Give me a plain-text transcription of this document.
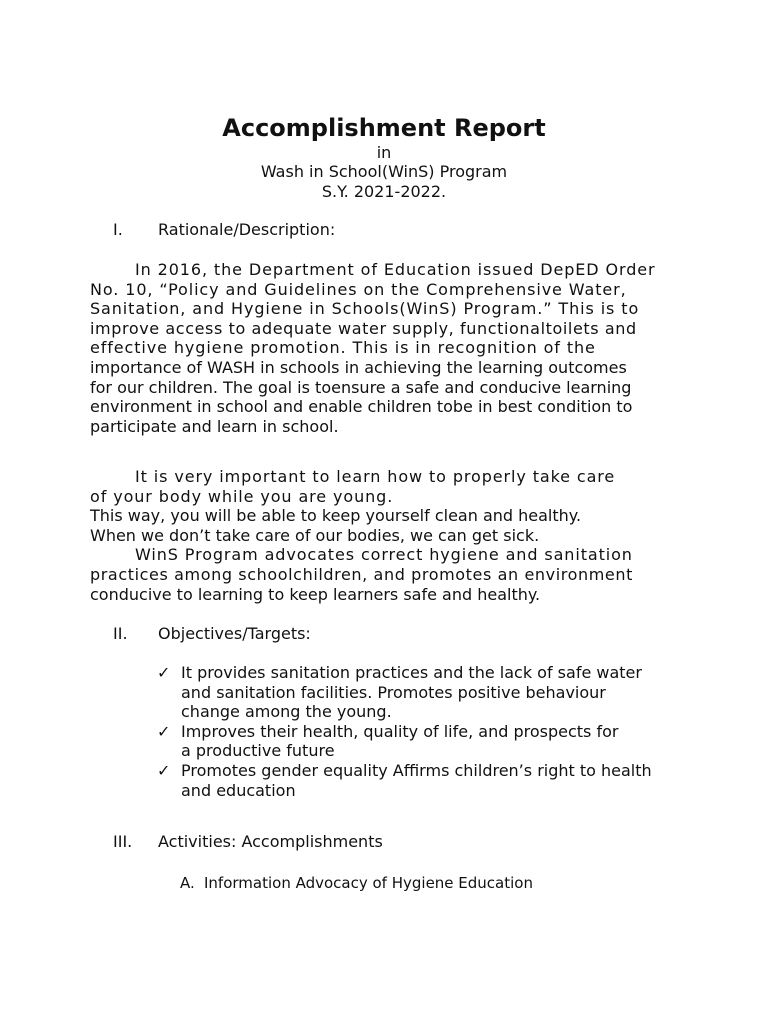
Accomplishment Report
in
Wash in School(WinS) Program
S.Y. 2021-2022.
I. Rationale/Description:
In 2016, the Department of Education issued DepED Order
No. 10, “Policy and Guidelines on the Comprehensive Water,
Sanitation, and Hygiene in Schools(WinS) Program.” This is to
improve access to adequate water supply, functionaltoilets and
effective hygiene promotion. This is in recognition of the
importance of WASH in schools in achieving the learning outcomes
for our children. The goal is toensure a safe and conducive learning
environment in school and enable children tobe in best condition to
participate and learn in school.
It is very important to learn how to properly take care
of your body while you are young.
This way, you will be able to keep yourself clean and healthy.
When we don’t take care of our bodies, we can get sick.
WinS Program advocates correct hygiene and sanitation
practices among schoolchildren, and promotes an environment
conducive to learning to keep learners safe and healthy.
II. Objectives/Targets:
✓ It provides sanitation practices and the lack of safe water
and sanitation facilities. Promotes positive behaviour
change among the young.
✓ Improves their health, quality of life, and prospects for
a productive future
✓ Promotes gender equality Affirms children’s right to health
and education
III. Activities: Accomplishments
A. Information Advocacy of Hygiene Education
